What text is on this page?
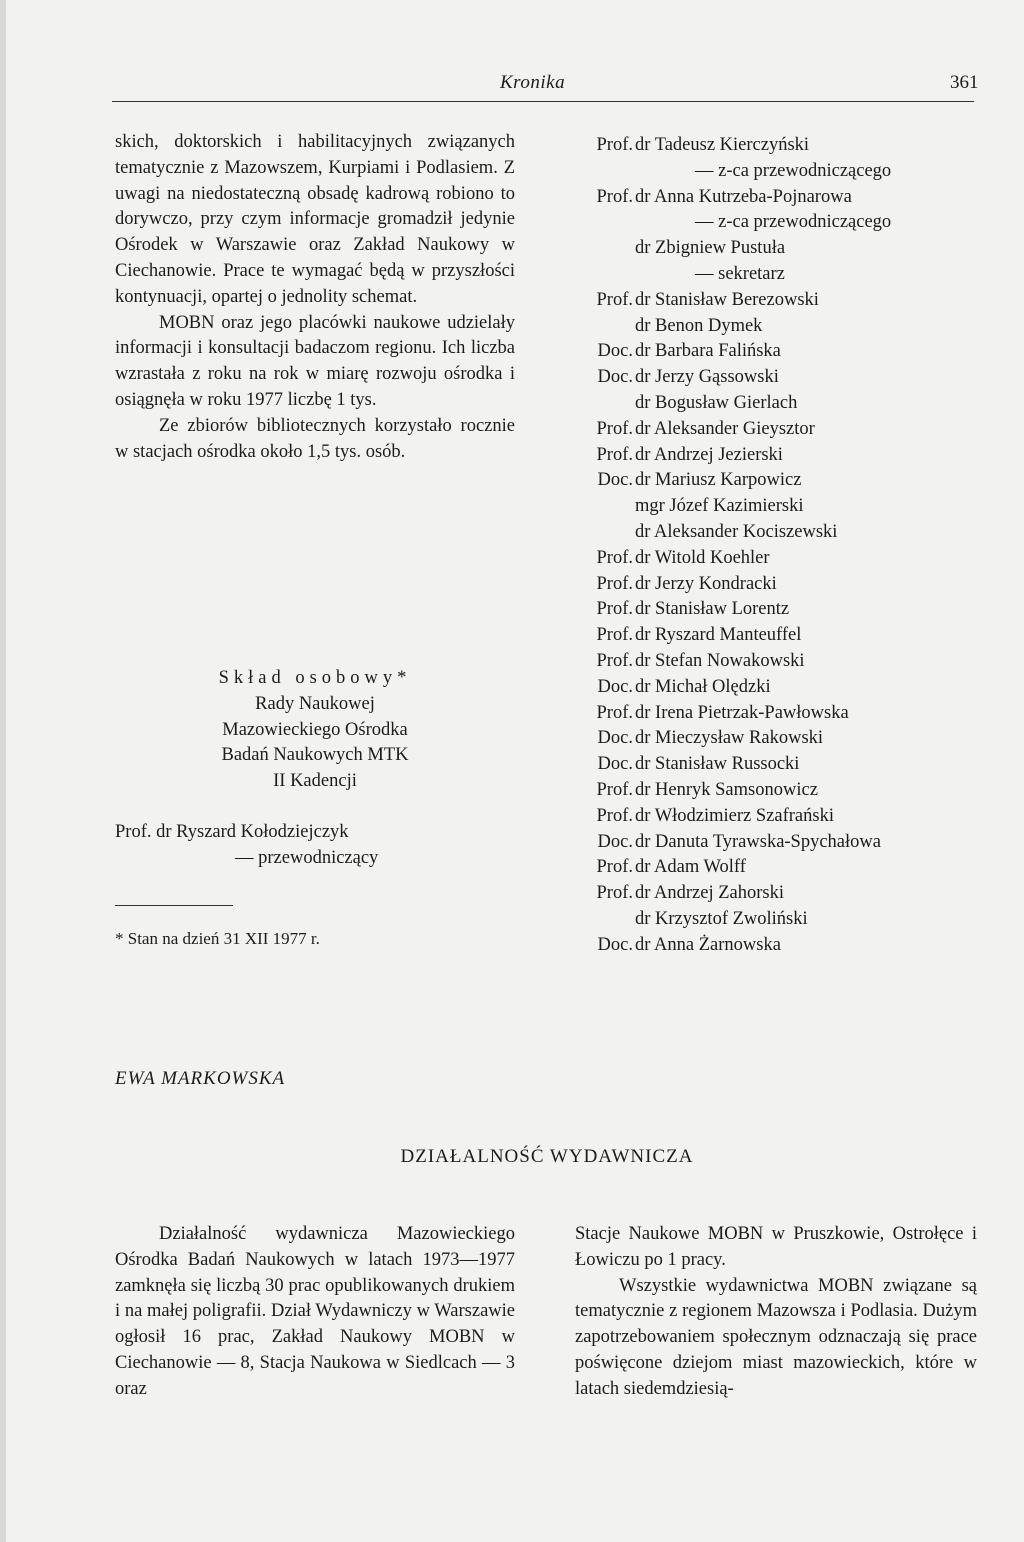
Kronika	361

skich, doktorskich i habilitacyjnych związanych tematycznie z Mazowszem, Kurpiami i Podlasiem. Z uwagi na niedostateczną obsadę kadrową robiono to dorywczo, przy czym informacje gromadził jedynie Ośrodek w Warszawie oraz Zakład Naukowy w Ciechanowie. Prace te wymagać będą w przyszłości kontynuacji, opartej o jednolity schemat.

MOBN oraz jego placówki naukowe udzielały informacji i konsultacji badaczom regionu. Ich liczba wzrastała z roku na rok w miarę rozwoju ośrodka i osiągnęła w roku 1977 liczbę 1 tys.

Ze zbiorów bibliotecznych korzystało rocznie w stacjach ośrodka około 1,5 tys. osób.

Skład osobowy*
Rady Naukowej
Mazowieckiego Ośrodka
Badań Naukowych MTK
II Kadencji
Prof. dr Ryszard Kołodziejczyk
— przewodniczący
* Stan na dzień 31 XII 1977 r.
Prof. dr Tadeusz Kierczyński
— z-ca przewodniczącego
Prof. dr Anna Kutrzeba-Pojnarowa
— z-ca przewodniczącego
dr Zbigniew Pustuła
— sekretarz
Prof. dr Stanisław Berezowski
dr Benon Dymek
Doc. dr Barbara Falińska
Doc. dr Jerzy Gąssowski
dr Bogusław Gierlach
Prof. dr Aleksander Gieysztor
Prof. dr Andrzej Jezierski
Doc. dr Mariusz Karpowicz
mgr Józef Kazimierski
dr Aleksander Kociszewski
Prof. dr Witold Koehler
Prof. dr Jerzy Kondracki
Prof. dr Stanisław Lorentz
Prof. dr Ryszard Manteuffel
Prof. dr Stefan Nowakowski
Doc. dr Michał Olędzki
Prof. dr Irena Pietrzak-Pawłowska
Doc. dr Mieczysław Rakowski
Doc. dr Stanisław Russocki
Prof. dr Henryk Samsonowicz
Prof. dr Włodzimierz Szafrański
Doc. dr Danuta Tyrawska-Spychałowa
Prof. dr Adam Wolff
Prof. dr Andrzej Zahorski
dr Krzysztof Zwoliński
Doc. dr Anna Żarnowska
EWA MARKOWSKA
DZIAŁALNOŚĆ WYDAWNICZA

Działalność wydawnicza Mazowieckiego Ośrodka Badań Naukowych w latach 1973—1977 zamknęła się liczbą 30 prac opublikowanych drukiem i na małej poligrafii. Dział Wydawniczy w Warszawie ogłosił 16 prac, Zakład Naukowy MOBN w Ciechanowie — 8, Stacja Naukowa w Siedlcach — 3 oraz

Stacje Naukowe MOBN w Pruszkowie, Ostrołęce i Łowiczu po 1 pracy.

Wszystkie wydawnictwa MOBN związane są tematycznie z regionem Mazowsza i Podlasia. Dużym zapotrzebowaniem społecznym odznaczają się prace poświęcone dziejom miast mazowieckich, które w latach siedemdziesią-
